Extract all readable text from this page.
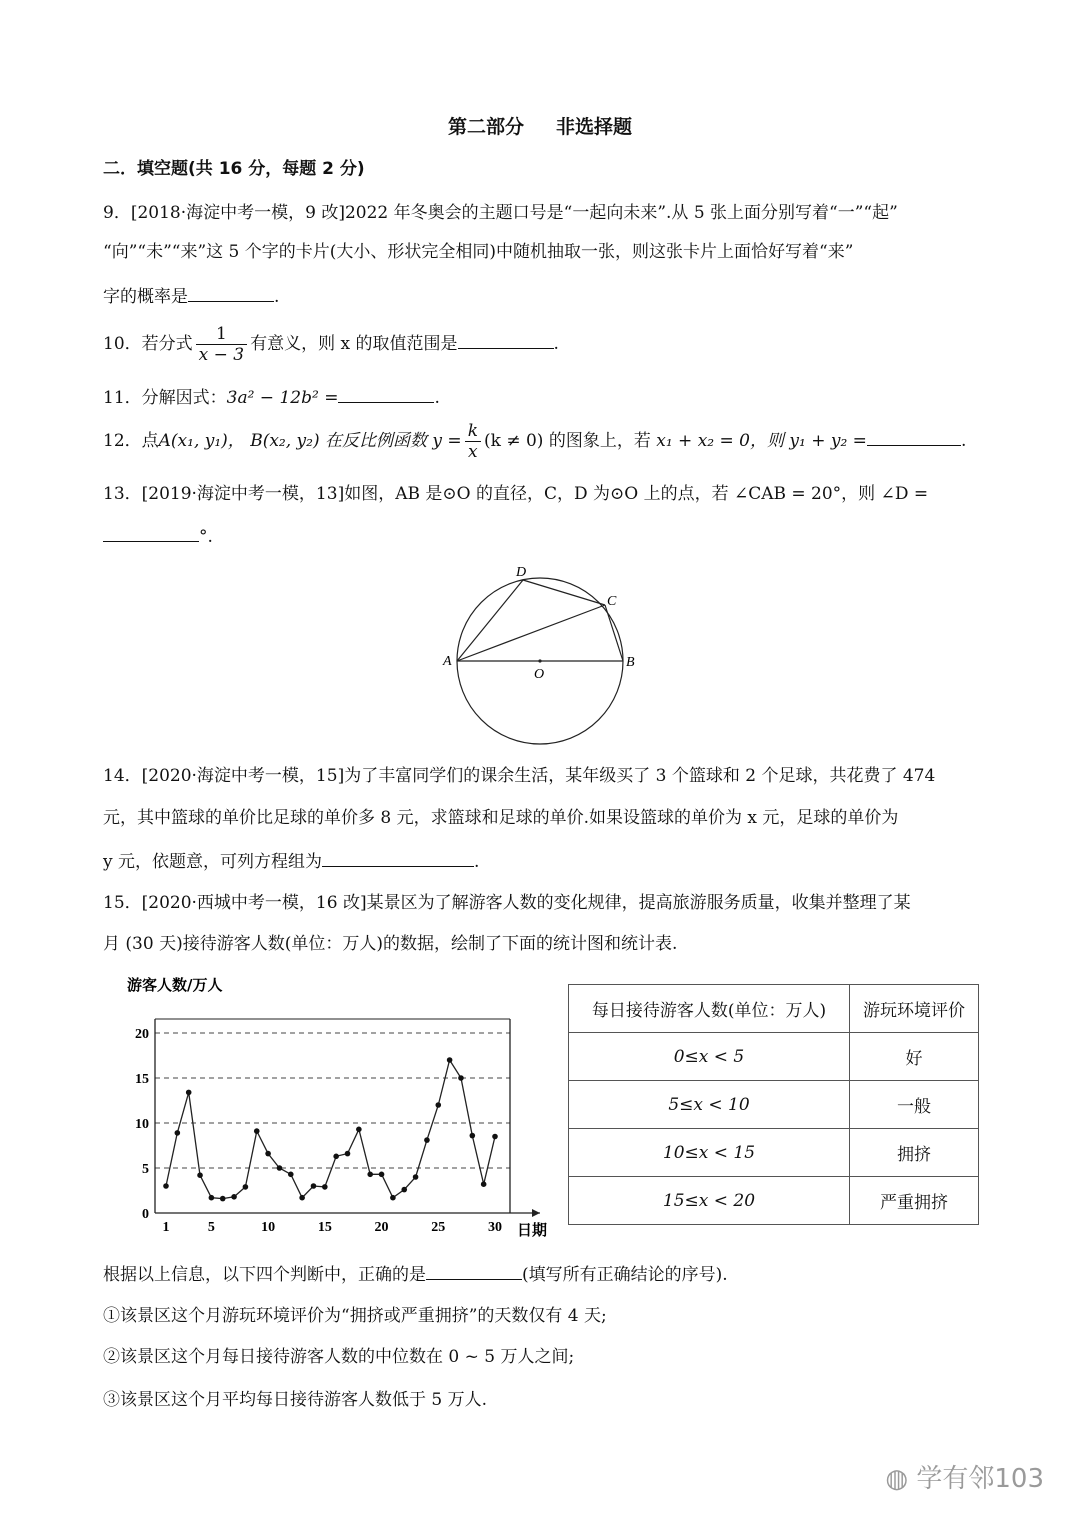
第二部分 非选择题
二．填空题(共 16 分，每题 2 分)
9．[2018·海淀中考一模，9 改]2022 年冬奥会的主题口号是“一起向未来”.从 5 张上面分别写着“一”“起”
“向”“未”“来”这 5 个字的卡片(大小、形状完全相同)中随机抽取一张，则这张卡片上面恰好写着“来”
字的概率是	.
10．若分式 $\frac{1}{x - 3}$ 有意义，则 x 的取值范围是	.
11．分解因式：3a² − 12b² =	.
12．点A(x₁, y₁)， B(x₂, y₂) 在反比例函数 $y = \frac{k}{x} (k \ne 0)$ 的图象上，若 x₁ + x₂ = 0，则 y₁ + y₂ =	.
13．[2019·海淀中考一模，13]如图，AB 是⊙O 的直径，C，D 为⊙O 上的点，若 ∠CAB = 20°，则 ∠D =
°.
A	B
C
D
O
14．[2020·海淀中考一模，15]为了丰富同学们的课余生活，某年级买了 3 个篮球和 2 个足球，共花费了 474
元，其中篮球的单价比足球的单价多 8 元，求篮球和足球的单价.如果设篮球的单价为 x 元，足球的单价为
y 元，依题意，可列方程组为	.
15．[2020·西城中考一模，16 改]某景区为了解游客人数的变化规律，提高旅游服务质量，收集并整理了某
月 (30 天)接待游客人数(单位：万人)的数据，绘制了下面的统计图和统计表.
游客人数/万人
日期
0
5
10
15
20
1	5	10	15	20	25	30
每日接待游客人数(单位：万人)	游玩环境评价
0≤x < 5	好
5≤x < 10	一般
10≤x < 15	拥挤
15≤x < 20	严重拥挤
根据以上信息，以下四个判断中，正确的是	(填写所有正确结论的序号).
①该景区这个月游玩环境评价为“拥挤或严重拥挤”的天数仅有 4 天;
②该景区这个月每日接待游客人数的中位数在 0 ~ 5 万人之间;
③该景区这个月平均每日接待游客人数低于 5 万人.
◍ 学有邻103
